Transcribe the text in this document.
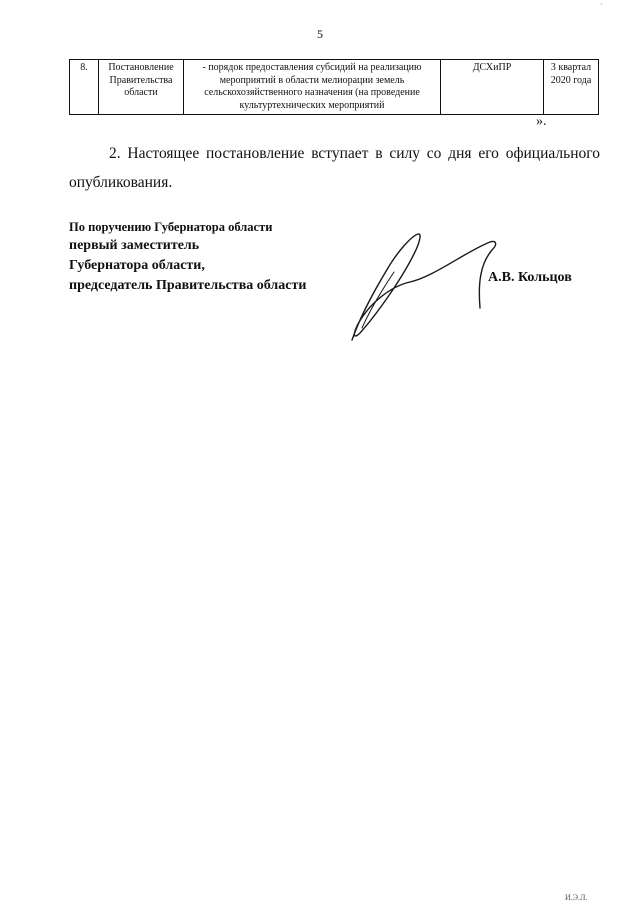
·
5
8.	Постановление Правительства области	- порядок предоставления субсидий на реализацию мероприятий в области мелиорации земель сельскохозяйственного назначения (на проведение культуртехнических мероприятий	ДСХиПР	3 квартал 2020 года
».

2. Настоящее постановление вступает в силу со дня его официального опубликования.

По поручению Губернатора области
первый заместитель
Губернатора области,
председатель Правительства области
А.В. Кольцов
И.Э.Л.
